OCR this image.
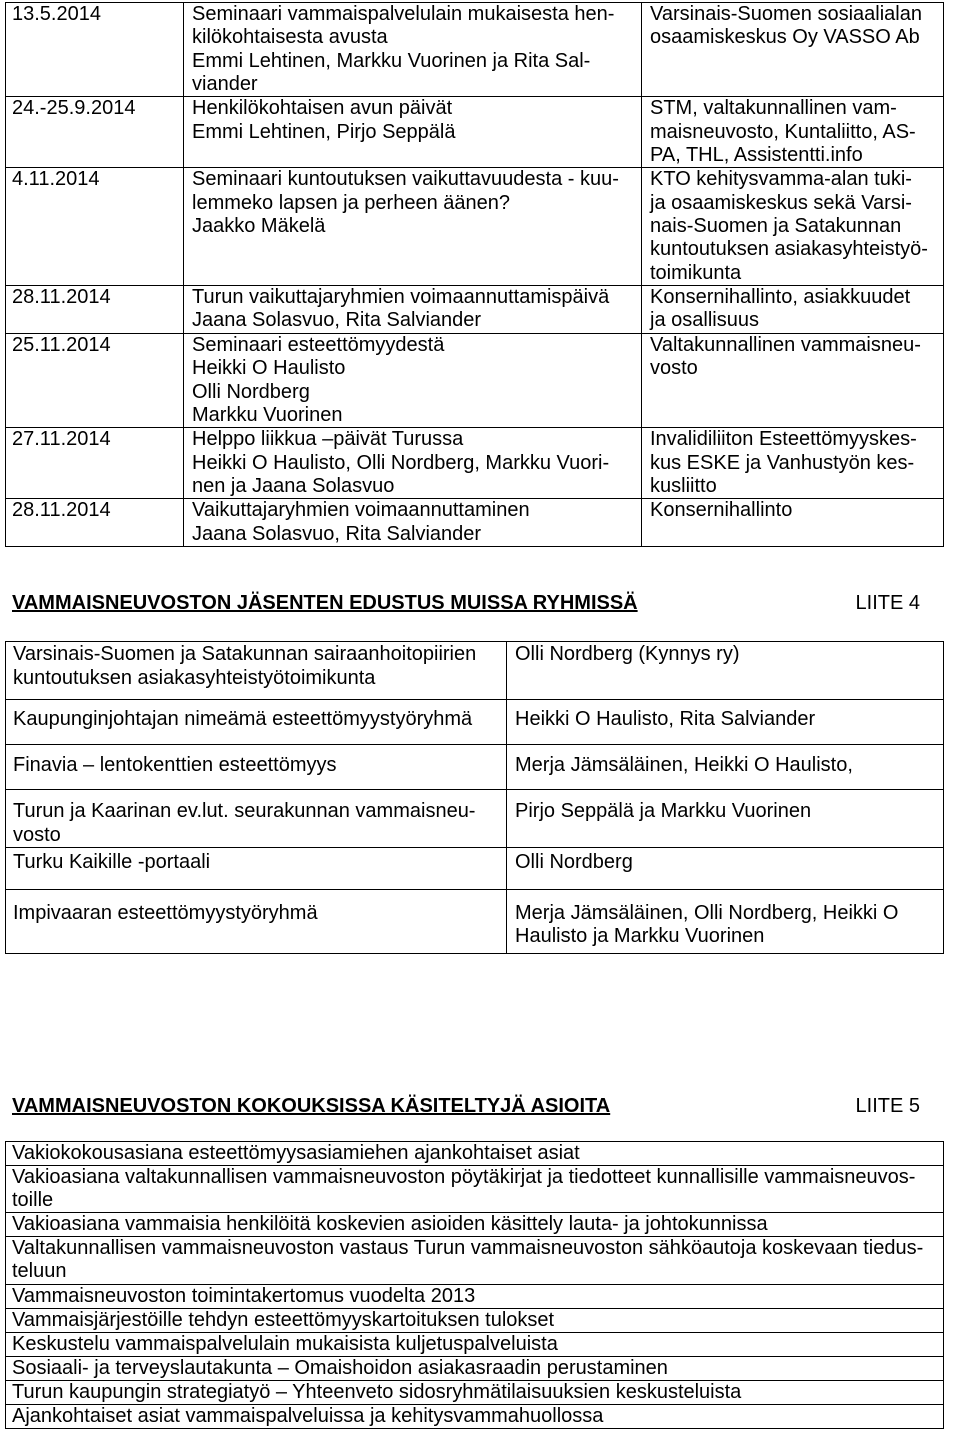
13.5.2014	Seminaari vammaispalvelulain mukaisesta hen-
kilökohtaisesta avusta
Emmi Lehtinen, Markku Vuorinen ja Rita Sal-
viander	Varsinais-Suomen sosiaalialan
osaamiskeskus Oy VASSO Ab
24.-25.9.2014	Henkilökohtaisen avun päivät
Emmi Lehtinen, Pirjo Seppälä	STM, valtakunnallinen vam-
maisneuvosto, Kuntaliitto, AS-
PA, THL, Assistentti.info
4.11.2014	Seminaari kuntoutuksen vaikuttavuudesta - kuu-
lemmeko lapsen ja perheen äänen?
Jaakko Mäkelä	KTO kehitysvamma-alan tuki-
ja osaamiskeskus sekä Varsi-
nais-Suomen ja Satakunnan
kuntoutuksen asiakasyhteistyö-
toimikunta
28.11.2014	Turun vaikuttajaryhmien voimaannuttamispäivä
Jaana Solasvuo, Rita Salviander	Konsernihallinto, asiakkuudet
ja osallisuus
25.11.2014	Seminaari esteettömyydestä
Heikki O Haulisto
Olli Nordberg
Markku Vuorinen	Valtakunnallinen vammaisneu-
vosto
27.11.2014	Helppo liikkua –päivät Turussa
Heikki O Haulisto, Olli Nordberg, Markku Vuori-
nen ja Jaana Solasvuo	Invalidiliiton Esteettömyyskes-
kus ESKE ja Vanhustyön kes-
kusliitto
28.11.2014	Vaikuttajaryhmien voimaannuttaminen
Jaana Solasvuo, Rita Salviander	Konsernihallinto
VAMMAISNEUVOSTON JÄSENTEN EDUSTUS MUISSA RYHMISSÄ	LIITE 4
Varsinais-Suomen ja Satakunnan sairaanhoitopiirien
kuntoutuksen asiakasyhteistyötoimikunta	Olli Nordberg (Kynnys ry)
Kaupunginjohtajan nimeämä esteettömyystyöryhmä	Heikki O Haulisto, Rita Salviander
Finavia – lentokenttien esteettömyys	Merja Jämsäläinen, Heikki O Haulisto,
Turun ja Kaarinan ev.lut. seurakunnan vammaisneu-
vosto	Pirjo Seppälä ja Markku Vuorinen
Turku Kaikille -portaali	Olli Nordberg
Impivaaran esteettömyystyöryhmä	Merja Jämsäläinen, Olli Nordberg, Heikki O
Haulisto ja Markku Vuorinen
VAMMAISNEUVOSTON KOKOUKSISSA KÄSITELTYJÄ ASIOITA	LIITE 5
Vakiokokousasiana esteettömyysasiamiehen ajankohtaiset asiat
Vakioasiana valtakunnallisen vammaisneuvoston pöytäkirjat ja tiedotteet kunnallisille vammaisneuvos-
toille
Vakioasiana vammaisia henkilöitä koskevien asioiden käsittely lauta- ja johtokunnissa
Valtakunnallisen vammaisneuvoston vastaus Turun vammaisneuvoston sähköautoja koskevaan tiedus-
teluun
Vammaisneuvoston toimintakertomus vuodelta 2013
Vammaisjärjestöille tehdyn esteettömyyskartoituksen tulokset
Keskustelu vammaispalvelulain mukaisista kuljetuspalveluista
Sosiaali- ja terveyslautakunta – Omaishoidon asiakasraadin perustaminen
Turun kaupungin strategiatyö – Yhteenveto sidosryhmätilaisuuksien keskusteluista
Ajankohtaiset asiat vammaispalveluissa ja kehitysvammahuollossa
